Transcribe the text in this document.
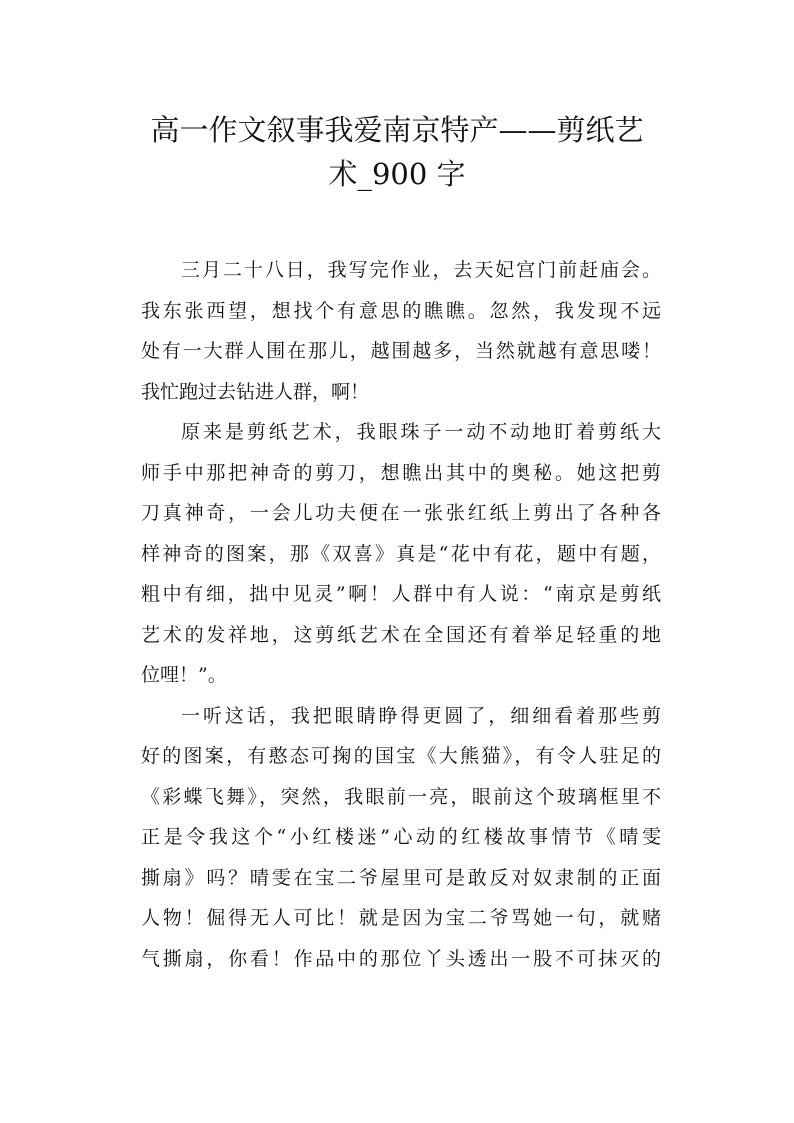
高一作文叙事我爱南京特产——剪纸艺
术_900 字
三月二十八日，我写完作业，去天妃宫门前赶庙会。
我东张西望，想找个有意思的瞧瞧。忽然，我发现不远
处有一大群人围在那儿，越围越多，当然就越有意思喽！
我忙跑过去钻进人群，啊！
原来是剪纸艺术，我眼珠子一动不动地盯着剪纸大
师手中那把神奇的剪刀，想瞧出其中的奥秘。她这把剪
刀真神奇，一会儿功夫便在一张张红纸上剪出了各种各
样神奇的图案，那《双喜》真是“花中有花，题中有题，
粗中有细，拙中见灵”啊！人群中有人说：“南京是剪纸
艺术的发祥地，这剪纸艺术在全国还有着举足轻重的地
位哩！”。
一听这话，我把眼睛睁得更圆了，细细看着那些剪
好的图案，有憨态可掬的国宝《大熊猫》，有令人驻足的
《彩蝶飞舞》，突然，我眼前一亮，眼前这个玻璃框里不
正是令我这个“小红楼迷”心动的红楼故事情节《晴雯
撕扇》吗？晴雯在宝二爷屋里可是敢反对奴隶制的正面
人物！倔得无人可比！就是因为宝二爷骂她一句，就赌
气撕扇，你看！作品中的那位丫头透出一股不可抹灭的
